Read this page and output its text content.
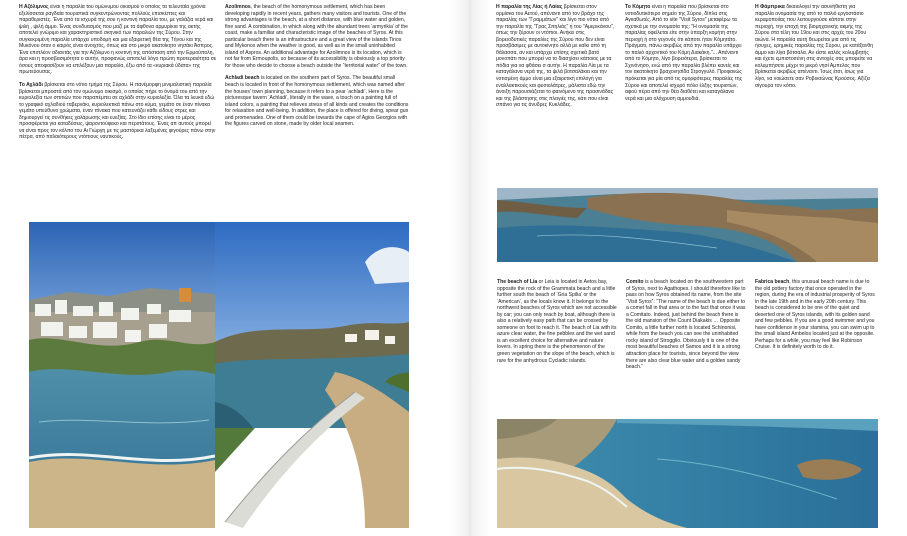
Η Αζόλιμνος είναι η παραλία του ομώνυμου οικισμού ο οποίος τα τελευταία χρόνια εξελίσσεται ραγδαία τουριστικά συγκεντρώνοντας πολλούς επισκέπτες και παραθεριστές. Ένα από τα ισχυρά της σου η κοντινή παραλία του, με γαλάζια νερά και ψιλή , ψιλή άμμο. Ένας συνδυασμός που μαζί με τα άφθονα αρμυρίκια της ακτής αποτελεί γνώριμο και χαρακτηριστικό σκηνικό των παραλιών της Σύρου. Στην συγκεκριμένη παραλία υπάρχει υποδομή και μια εξαιρετική θέα της Τήνου και της Μυκόνου όταν ο καιρός είναι ανοιχτός, όπως και στο μικρό ακατοίκητο νησάκι Άσπρος. Ένα επιπλέον αδιαντάς για την Αζόλιμνο η κοντινή της απόσταση από την Ερμούπολη, άρα και η προσβασιμότητα ο αυτήν, προφανώς αποτελεί λόγο πρώτη προτεραιότητα σε όσους αποφασίζουν να επιλέξουν μια παραλία, έξω από τα «κυριακά ύδατα» της πρωτεύουσας.

Το Αχλάδι βρίσκεται στο νότιο τμήμα της Σύρου. Η πανέμορφη μινιμαλιστική παραλία βρίσκεται μπροστά από τον ομώνυμο οικισμό, ο οποίος πήρε το όνομά του από την κυριολεξία των σπιτιών που παραπέμπει σε αχλάδι στην κυριολεξία. Όλα τα λευκά εδώ το γραφικό αχλαδιού ταβερνάκι, κυριολεκτικά πάνω στο κύμα, γεμάτο σε έναν πίνακα γεμάτο υπεύθυνο χρώματα, έναν πίνακα που κατευνάζει κάθε είδους στρες και δημιουργεί τις συνθήκες χαλάρωσης και ευεξίας. Στο ίδιο επίσης είναι το μέρος προσφέρεται για καταδύσεις, ψαροντούφεκο και περιπάτους. Ένας απ αυτούς μπορεί να είναι προς τον κόλπο του Αι Γιώργη με τις μαστόρικα λαξεμένες φιγούρες πάνω στην πέτρα, από παλαιότερους ντόπιους ναυτικούς.

Azolimnos, the beach of the homonymous settlement, which has been developing rapidly in recent years, gathers many visitors and tourists. One of the strong advantages is the beach, at a short distance, with blue water and golden, fine sand. A combination, in which along with the abundant trees ‘armyrikia’ of the coast, make a familiar and characteristic image of the beaches of Syros. At this particular beach there is an infrastructure and a great view of the islands Tinos and Mykonos when the weather is good, as well as in the small uninhabited island of Aspros. An additional advantage for Azolimnos is its location, which is not far from Ermoupolis, so because of its accessibility is obviously a top priority for those who decide to choose a beach outside the “territorial water” of the town.

Achladi beach is located on the southern part of Syros. The beautiful small beach is located in front of the homonymous settlement, which was named after the houses’ town planning, because it refers to a pear ‘achladi’. Here is the picturesque tavern ‘Achladi’, literally in the wave, a touch on a painting full of island colors, a painting that relieves stress of all kinds and creates the conditions for relaxation and well-being. In addition, the place is offered for diving, spear gun and promenades. One of them could be towards the cape of Agios Georgios with the figures carved on stone, made by older local seamen.

Η παραλία της Λίας ή Λαίας βρίσκεται στον ορμίσκο του Αετού, απέναντι από τον βράχο της παραλίας των "Γραμμάτων" και λίγο πιο νότια από την παραλία της "Γρας Σπηλιάς" ή του "Αμερικάνου", όπως την ξέρουν οι ντόπιοι. Ανήκει στις βορειοδυτικές παραλίες της Σύρου που δεν είναι προσβάσιμες με αυτοκίνητο αλλά με καΐκι από τη θάλασσα, αν και υπάρχει επίσης σχετικά βατό μονοπάτι που μπορεί να το διασχίσει κάποιος με τα πόδια για να φθάσει σ αυτήν. Η παραλία Λία με τα καταγάλανα νερά της, τα ψιλά βοτσαλάκια και την νοτισμένη άμμο είναι μια εξαιρετική επιλογή για εναλλακτικούς και φυσιολάτρες, μάλιστα εδώ την άνοιξη παρουσιάζεται το φαινόμενο της πρασινάδας και της βλάστησης στις πλαγιές της, κάτι που είναι σπάνιο για τις άνυδρες Κυκλάδες.

Το Κόμητο είναι η παραλία που βρίσκεται στο νοτιοδυτικότερο σημείο της Σύρου, δίπλα στις Αγκαθωτές. Από το site "Visit Syros" μεταφέρω τα σχετικά με την ονομασία της: "Η ονομασία της παραλίας οφείλεται είτε στην ύπαρξη κομήτη στην περιοχή ή στο γεγονός ότι κάποτε ήταν Κόμητάτο. Πράγματι, πάνω ακριβώς από την παραλία υπάρχει το παλιό αρχοντικό του Κόμη Διακάκη."... Απέναντι από το Κόμητο, λίγο βορειότερα, βρίσκεται το Σχινόνησο, ενώ από την παραλία βλέπει κανείς και τον ακατοίκητο βραχονησίδα Στρογγυλό. Προφανώς πρόκειται για μία από τις ομορφότερες παραλίες της Σύρου και αποτελεί ισχυρό πόλο έλξης τουριστών, αφού πέρα από την θέα διαθέτει και καταγάλανα νερά και μια ολόχρυση αμμουδιά.

Η Φάμπρικα δικαιολογεί την ασυνήθιστη για παραλία ονομασία της από το παλιό εργοστάσιο κεραμοποιίας που λειτουργούσε κάποτε στην περιοχή, την εποχή της βιομηχανικής ακμής της Σύρου στα τέλη του 19ου και στις αρχές του 20ου αιώνα. Η παραλία αυτή θεωρείται μια από τις ήσυχες, ερημικές παραλίες της Σύρου, με κατάξανθη άμμο και λίγα βότσαλα. Αν είστε καλός κολυμβητής και έχετε εμπιστοσύνη στις αντοχές σας μπορείτε να κολυμπήσετε μέχρι το μικρό νησί Αμπελος που βρίσκεται ακριβώς απέναντι. Ίσως έτσι, ίσως για λίγο, να νοιώσετε σαν Ροβινσώνας Κρούσος. Αξίζει σίγουρα τον κόπο.

The beach of Lia or Leia is located in Aetos bay, opposite the rock of the Grammata beach and a little further south the beach of ‘Gria Spilia’ or the ‘American’, as the locals know it. It belongs to the northwest beaches of Syros which are not accessible by car; you can only reach by boat, although there is also a relatively easy path that can be crossed by someone on foot to reach it. The beach of Lia with its azure clear water, the fine pebbles and the wet sand is an excellent choice for alternative and nature lovers. In spring there is the phenomenon of the green vegetation on the slope of the beach, which is rare for the anhydrous Cycladic islands.

Comito is a beach located on the southwestern part of Syros, next to Agathopes. I should therefore like to pass on how Syros obtained its name, from the site “Visit Syros”: “The name of the beach is due either to a comet fall in that area or to the fact that once it was a Comitato. Indeed, just behind the beach there is the old mansion of the Count Diakakis … Opposite Comito, a little further north is located Schinonisi, while from the beach you can see the uninhabited rocky island of Strogglio. Obviously it is one of the most beautiful beaches of Samos and it is a strong attraction place for tourists, since beyond the view there are also clear blue water and a golden sandy beach.”

Fabrica beach, this unusual beach name is due to the old pottery factory that once operated in the region, during the era of industrial prosperity of Syros in the late 19th and in the early 20th century. This beach is considered to be one of the quiet and deserted one of Syros islands, with its golden sand and few pebbles. If you are a good swimmer and you have confidence in your stamina, you can swim up to the small island Ambelos located just at the opposite. Perhaps for a while, you may feel like Robinson Cruise. It is definitely worth to do it.
